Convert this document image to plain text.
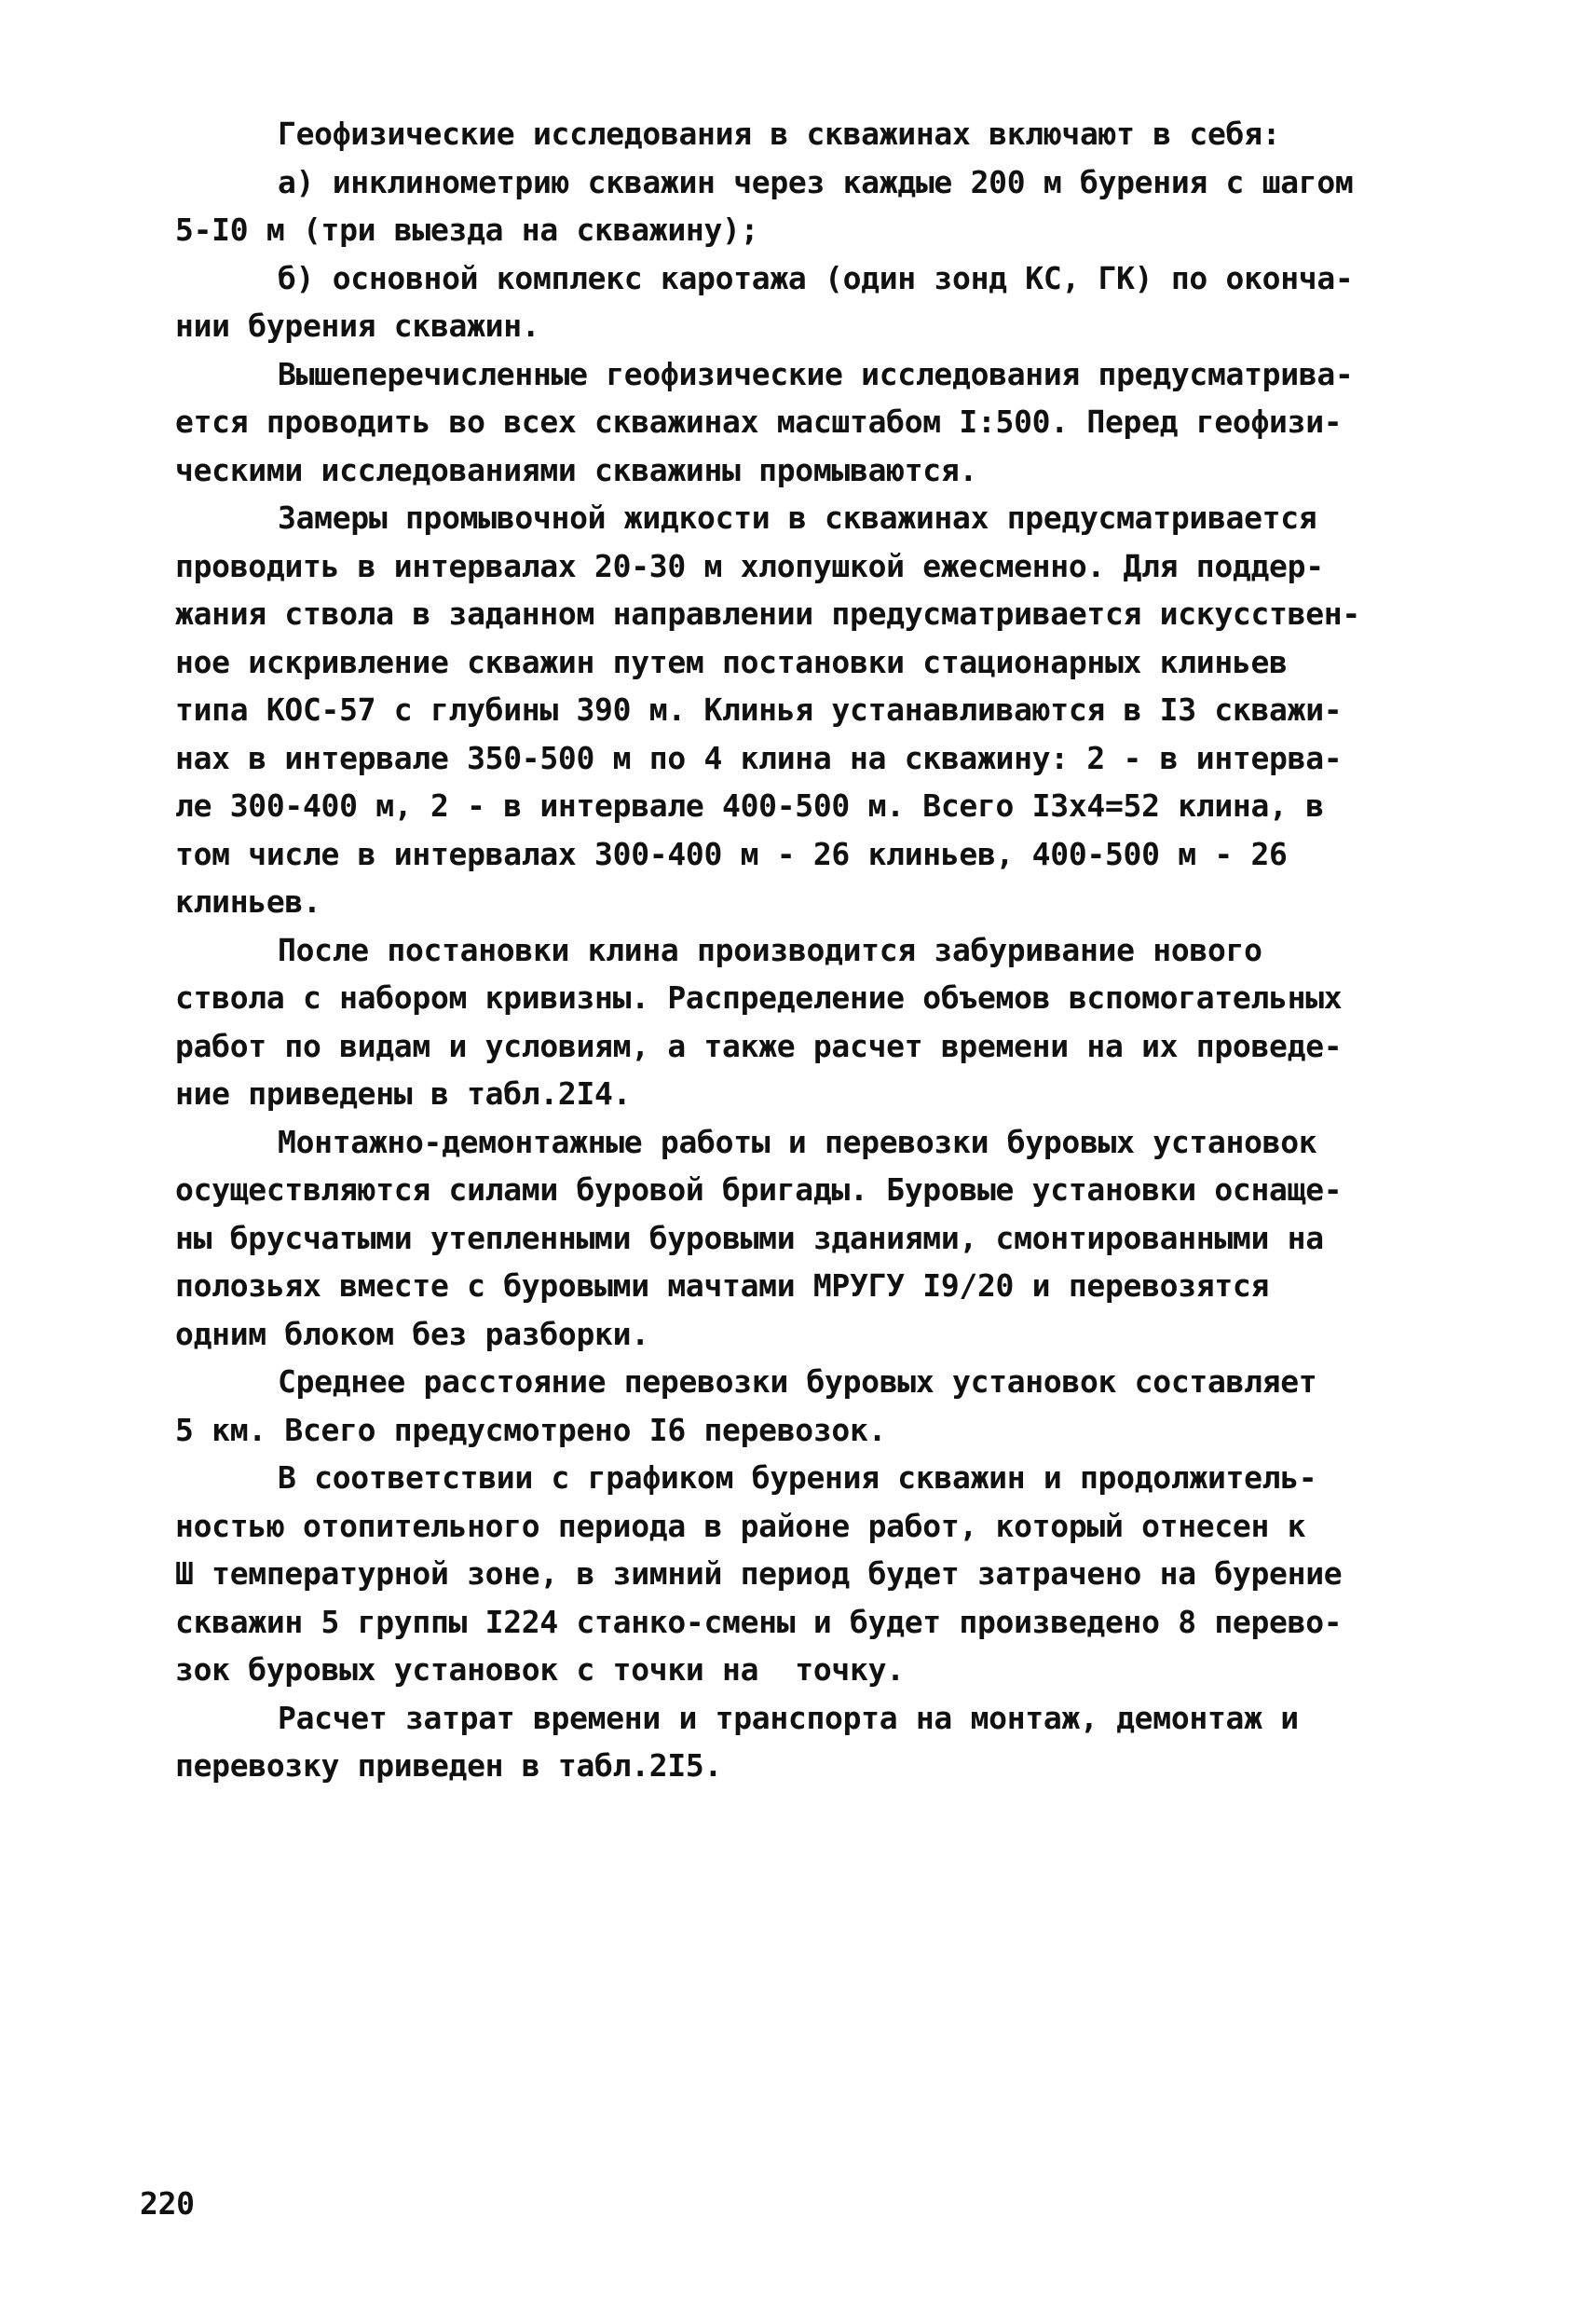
Геофизические исследования в скважинах включают в себя:
а) инклинометрию скважин через каждые 200 м бурения с шагом
5-I0 м (три выезда на скважину);
б) основной комплекс каротажа (один зонд КС, ГК) по оконча-
нии бурения скважин.
Вышеперечисленные геофизические исследования предусматрива-
ется проводить во всех скважинах масштабом I:500. Перед геофизи-
ческими исследованиями скважины промываются.
Замеры промывочной жидкости в скважинах предусматривается
проводить в интервалах 20-30 м хлопушкой ежесменно. Для поддер-
жания ствола в заданном направлении предусматривается искусствен-
ное искривление скважин путем постановки стационарных клиньев
типа КОС-57 с глубины 390 м. Клинья устанавливаются в I3 скважи-
нах в интервале 350-500 м по 4 клина на скважину: 2 - в интерва-
ле 300-400 м, 2 - в интервале 400-500 м. Всего I3х4=52 клина, в
том числе в интервалах 300-400 м - 26 клиньев, 400-500 м - 26
клиньев.
После постановки клина производится забуривание нового
ствола с набором кривизны. Распределение объемов вспомогательных
работ по видам и условиям, а также расчет времени на их проведе-
ние приведены в табл.2I4.
Монтажно-демонтажные работы и перевозки буровых установок
осуществляются силами буровой бригады. Буровые установки оснаще-
ны брусчатыми утепленными буровыми зданиями, смонтированными на
полозьях вместе с буровыми мачтами МРУГУ I9/20 и перевозятся
одним блоком без разборки.
Среднее расстояние перевозки буровых установок составляет
5 км. Всего предусмотрено I6 перевозок.
В соответствии с графиком бурения скважин и продолжитель-
ностью отопительного периода в районе работ, который отнесен к
Ш температурной зоне, в зимний период будет затрачено на бурение
скважин 5 группы I224 станко-смены и будет произведено 8 перево-
зок буровых установок с точки на  точку.
Расчет затрат времени и транспорта на монтаж, демонтаж и
перевозку приведен в табл.2I5.
220
